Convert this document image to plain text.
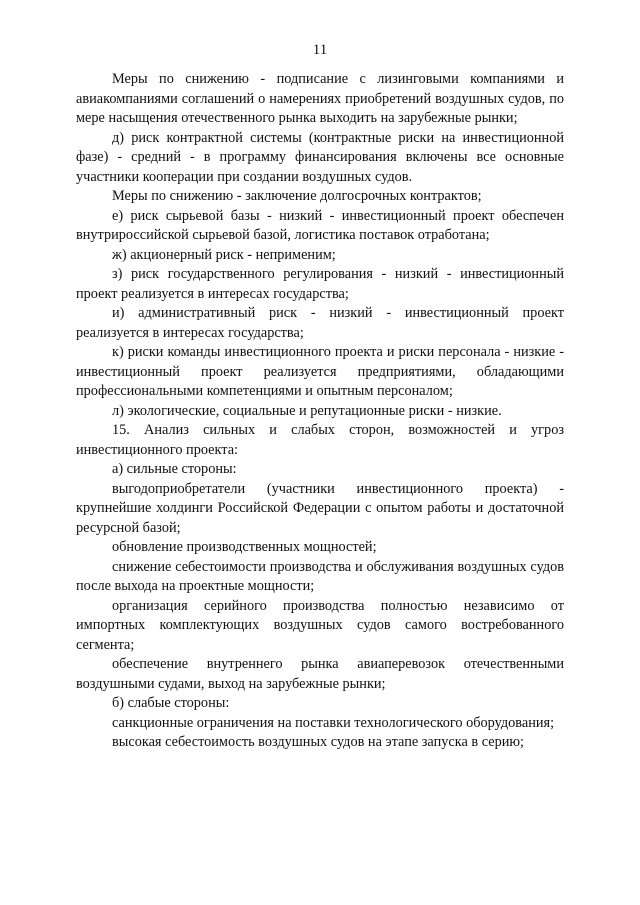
11

Меры по снижению - подписание с лизинговыми компаниями и авиакомпаниями соглашений о намерениях приобретений воздушных судов, по мере насыщения отечественного рынка выходить на зарубежные рынки;

д) риск контрактной системы (контрактные риски на инвестиционной фазе) - средний - в программу финансирования включены все основные участники кооперации при создании воздушных судов.

Меры по снижению - заключение долгосрочных контрактов;

е) риск сырьевой базы - низкий - инвестиционный проект обеспечен внутрироссийской сырьевой базой, логистика поставок отработана;

ж) акционерный риск - неприменим;

з) риск государственного регулирования - низкий - инвестиционный проект реализуется в интересах государства;

и) административный риск - низкий - инвестиционный проект реализуется в интересах государства;

к) риски команды инвестиционного проекта и риски персонала - низкие - инвестиционный проект реализуется предприятиями, обладающими профессиональными компетенциями и опытным персоналом;

л) экологические, социальные и репутационные риски - низкие.

15. Анализ сильных и слабых сторон, возможностей и угроз инвестиционного проекта:

а) сильные стороны:

выгодоприобретатели (участники инвестиционного проекта) - крупнейшие холдинги Российской Федерации с опытом работы и достаточной ресурсной базой;

обновление производственных мощностей;

снижение себестоимости производства и обслуживания воздушных судов после выхода на проектные мощности;

организация серийного производства полностью независимо от импортных комплектующих воздушных судов самого востребованного сегмента;

обеспечение внутреннего рынка авиаперевозок отечественными воздушными судами, выход на зарубежные рынки;

б) слабые стороны:

санкционные ограничения на поставки технологического оборудования;

высокая себестоимость воздушных судов на этапе запуска в серию;
